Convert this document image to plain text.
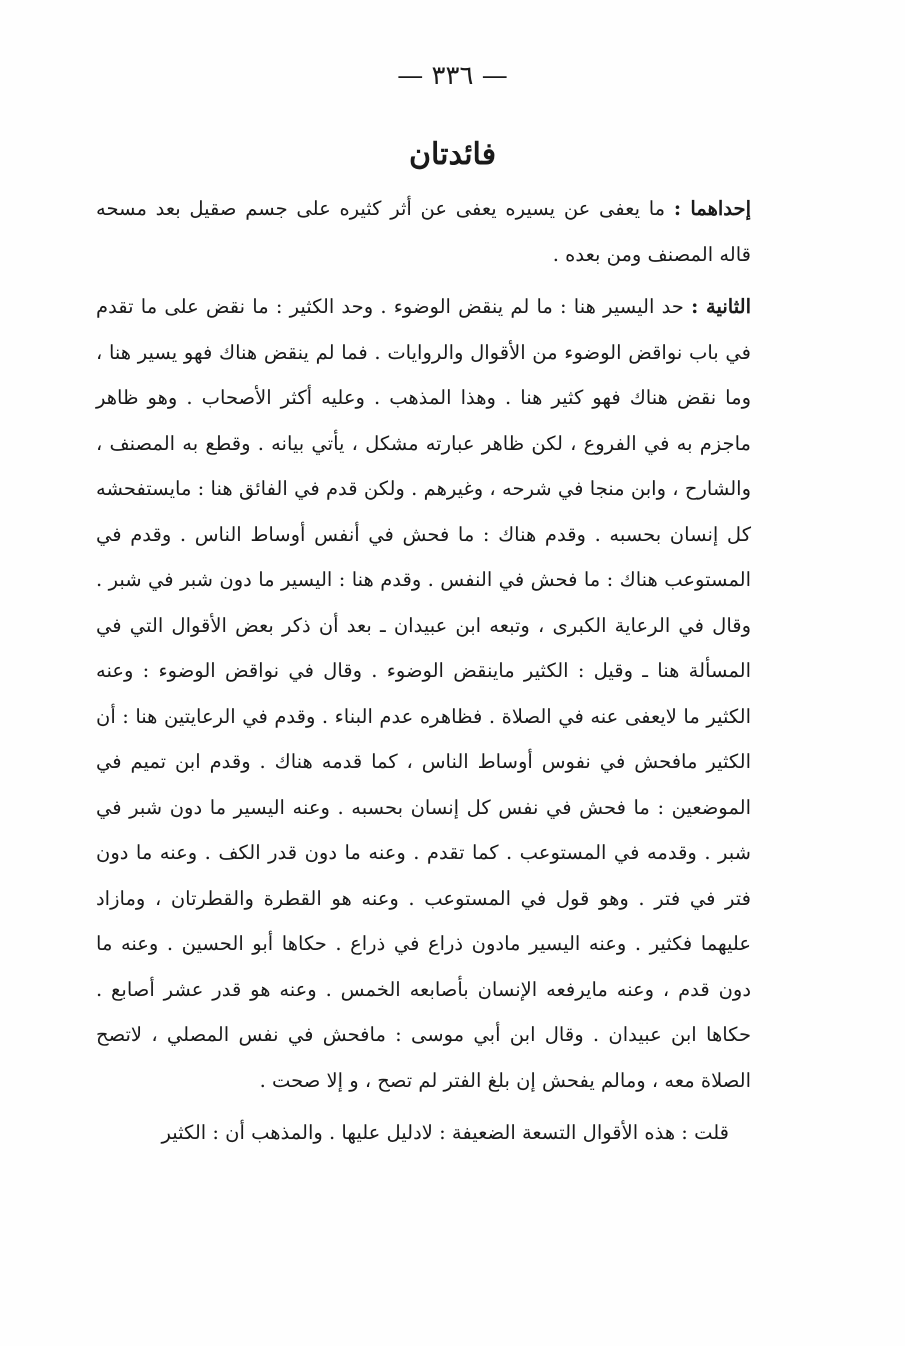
— ٣٣٦ —
فائدتان

إحداهما : ما يعفى عن يسيره يعفى عن أثر كثيره على جسم صقيل بعد مسحه قاله المصنف ومن بعده .

الثانية : حد اليسير هنا : ما لم ينقض الوضوء . وحد الكثير : ما نقض على ما تقدم في باب نواقض الوضوء من الأقوال والروايات . فما لم ينقض هناك فهو يسير هنا ، وما نقض هناك فهو كثير هنا . وهذا المذهب . وعليه أكثر الأصحاب . وهو ظاهر ماجزم به في الفروع ، لكن ظاهر عبارته مشكل ، يأتي بيانه . وقطع به المصنف ، والشارح ، وابن منجا في شرحه ، وغيرهم . ولكن قدم في الفائق هنا : مايستفحشه كل إنسان بحسبه . وقدم هناك : ما فحش في أنفس أوساط الناس . وقدم في المستوعب هناك : ما فحش في النفس . وقدم هنا : اليسير ما دون شبر في شبر . وقال في الرعاية الكبرى ، وتبعه ابن عبيدان ـ بعد أن ذكر بعض الأقوال التي في المسألة هنا ـ وقيل : الكثير ماينقض الوضوء . وقال في نواقض الوضوء : وعنه الكثير ما لايعفى عنه في الصلاة . فظاهره عدم البناء . وقدم في الرعايتين هنا : أن الكثير مافحش في نفوس أوساط الناس ، كما قدمه هناك . وقدم ابن تميم في الموضعين : ما فحش في نفس كل إنسان بحسبه . وعنه اليسير ما دون شبر في شبر . وقدمه في المستوعب . كما تقدم . وعنه ما دون قدر الكف . وعنه ما دون فتر في فتر . وهو قول في المستوعب . وعنه هو القطرة والقطرتان ، ومازاد عليهما فكثير . وعنه اليسير مادون ذراع في ذراع . حكاها أبو الحسين . وعنه ما دون قدم ، وعنه مايرفعه الإنسان بأصابعه الخمس . وعنه هو قدر عشر أصابع . حكاها ابن عبيدان . وقال ابن أبي موسى : مافحش في نفس المصلي ، لاتصح الصلاة معه ، ومالم يفحش إن بلغ الفتر لم تصح ، و إلا صحت .

قلت : هذه الأقوال التسعة الضعيفة : لادليل عليها . والمذهب أن : الكثير
